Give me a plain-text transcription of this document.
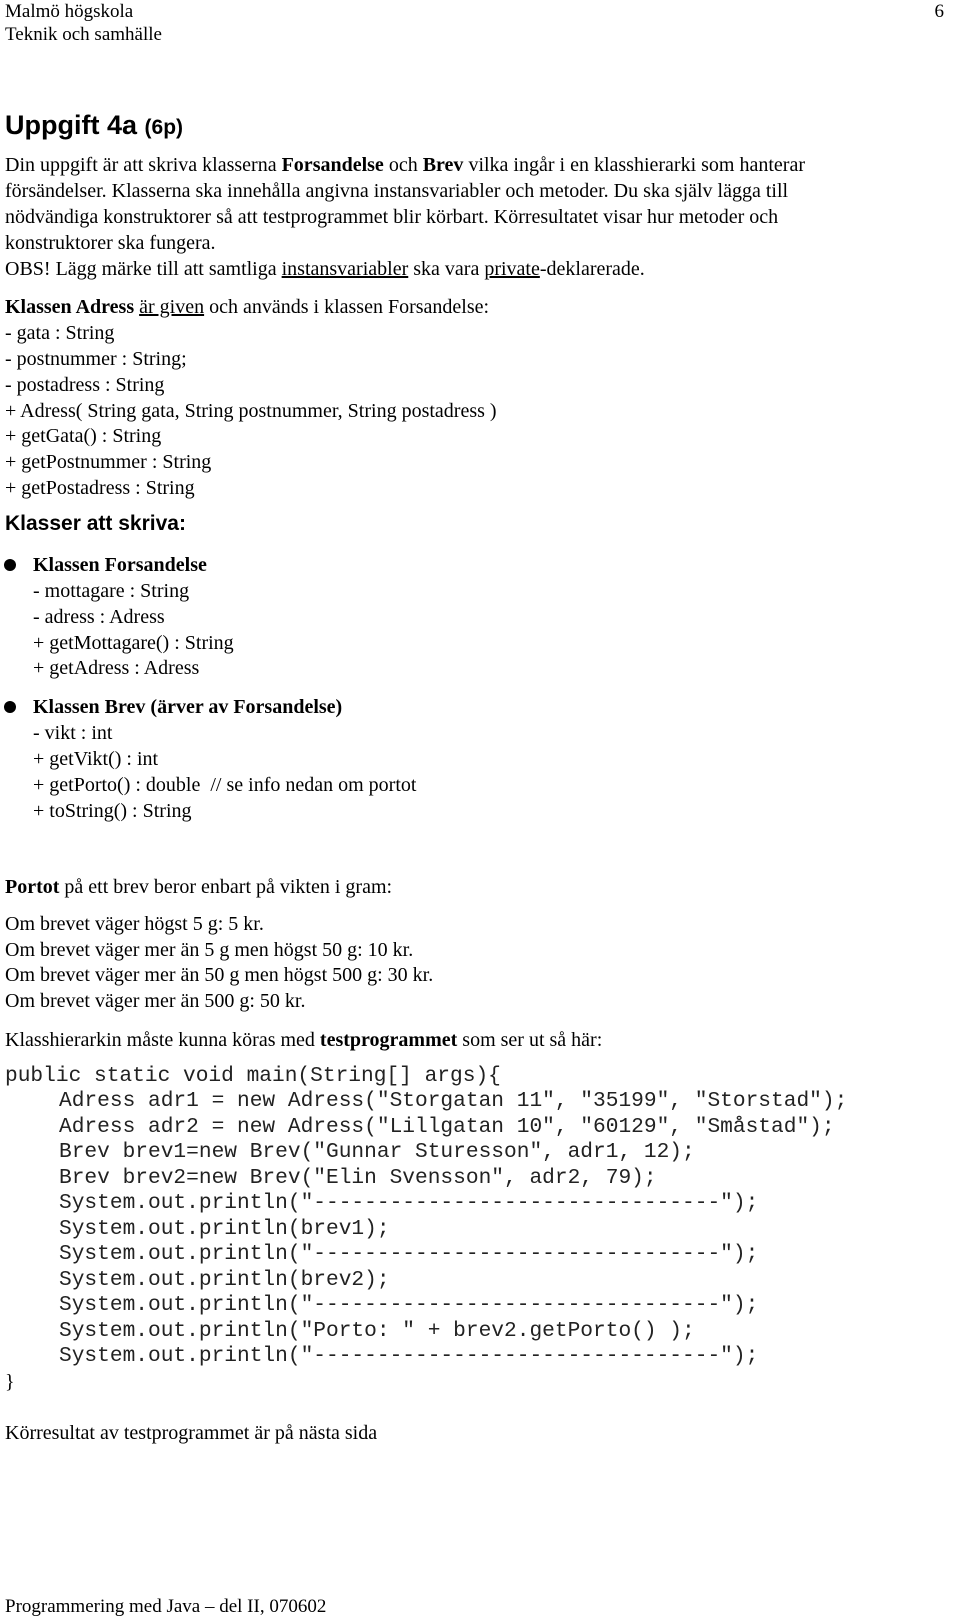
Malmö högskola
Teknik och samhälle
6
Uppgift 4a (6p)
Din uppgift är att skriva klasserna Forsandelse och Brev vilka ingår i en klasshierarki som hanterar
försändelser. Klasserna ska innehålla angivna instansvariabler och metoder. Du ska själv lägga till
nödvändiga konstruktorer så att testprogrammet blir körbart. Körresultatet visar hur metoder och
konstruktorer ska fungera.
OBS! Lägg märke till att samtliga instansvariabler ska vara private-deklarerade.
Klassen Adress är given och används i klassen Forsandelse:
- gata : String
- postnummer : String;
- postadress : String
+ Adress( String gata, String postnummer, String postadress )
+ getGata() : String
+ getPostnummer : String
+ getPostadress : String
Klasser att skriva:
Klassen Forsandelse
- mottagare : String
- adress : Adress
+ getMottagare() : String
+ getAdress : Adress
Klassen Brev (ärver av Forsandelse)
- vikt : int
+ getVikt() : int
+ getPorto() : double  // se info nedan om portot
+ toString() : String
Portot på ett brev beror enbart på vikten i gram:
Om brevet väger högst 5 g: 5 kr.
Om brevet väger mer än 5 g men högst 50 g: 10 kr.
Om brevet väger mer än 50 g men högst 500 g: 30 kr.
Om brevet väger mer än 500 g: 50 kr.
Klasshierarkin måste kunna köras med testprogrammet som ser ut så här:
public static void main(String[] args){
Adress adr1 = new Adress("Storgatan 11", "35199", "Storstad");
Adress adr2 = new Adress("Lillgatan 10", "60129", "Småstad");
Brev brev1=new Brev("Gunnar Sturesson", adr1, 12);
Brev brev2=new Brev("Elin Svensson", adr2, 79);
System.out.println("--------------------------------");
System.out.println(brev1);
System.out.println("--------------------------------");
System.out.println(brev2);
System.out.println("--------------------------------");
System.out.println("Porto: " + brev2.getPorto() );
System.out.println("--------------------------------");
}
Körresultat av testprogrammet är på nästa sida
Programmering med Java – del II, 070602
